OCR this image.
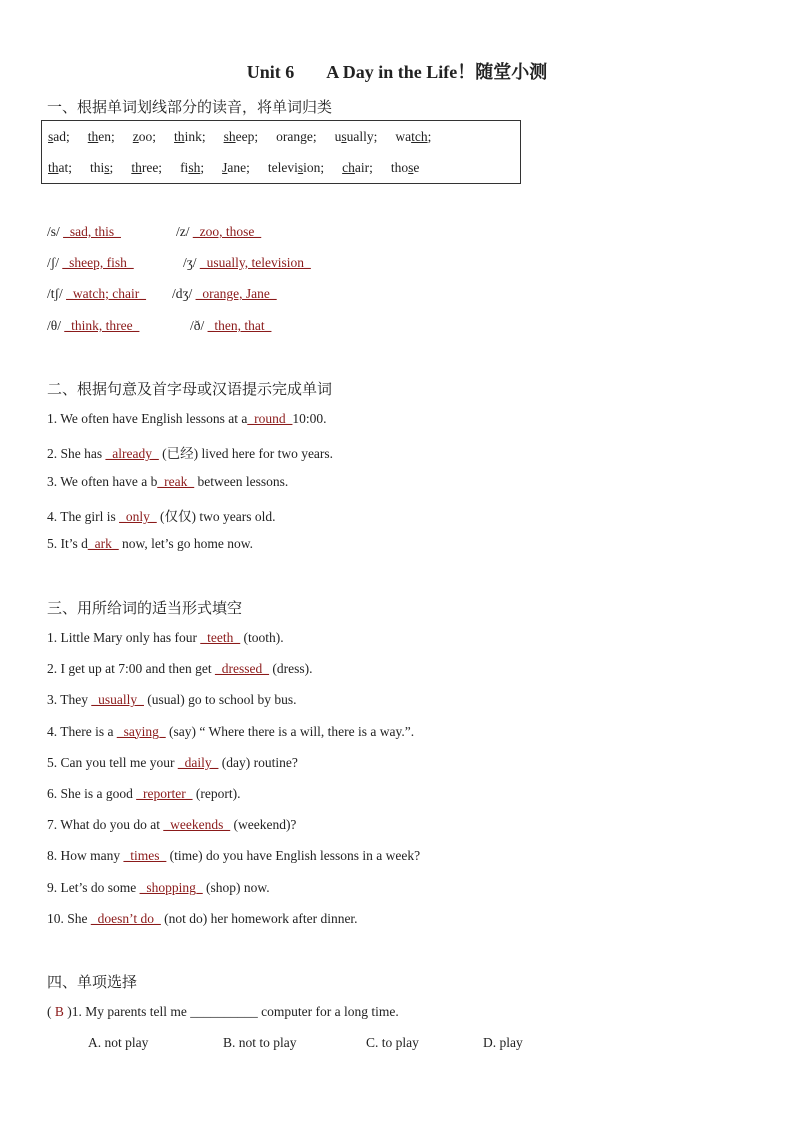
Unit 6 A Day in the Life！随堂小测
一、根据单词划线部分的读音，将单词归类
sad; then; zoo; think; sheep; orange; usually; watch;
that; this; three; fish; Jane; television; chair; those
/s/ _sad, this_	/z/ _zoo, those_
/ʃ/ _sheep, fish_	/ʒ/ _usually, television_
/tʃ/ _watch; chair_ /dʒ/ _orange, Jane_
/θ/ _think, three_	/ð/ _then, that_
二、根据句意及首字母或汉语提示完成单词
1. We often have English lessons at a_round_10:00.
2. She has _already_ (已经) lived here for two years.
3. We often have a b_reak_ between lessons.
4. The girl is _only_ (仅仅) two years old.
5. It’s d_ark_ now, let’s go home now.
三、用所给词的适当形式填空
1. Little Mary only has four _teeth_ (tooth).
2. I get up at 7:00 and then get _dressed_ (dress).
3. They _usually_ (usual) go to school by bus.
4. There is a _saying_ (say) “ Where there is a will, there is a way.”.
5. Can you tell me your _daily_ (day) routine?
6. She is a good _reporter_ (report).
7. What do you do at _weekends_ (weekend)?
8. How many _times_ (time) do you have English lessons in a week?
9. Let’s do some _shopping_ (shop) now.
10. She _doesn’t do_ (not do) her homework after dinner.
四、单项选择
( B )1. My parents tell me __________ computer for a long time.
A. not play	B. not to play	C. to play	D. play
